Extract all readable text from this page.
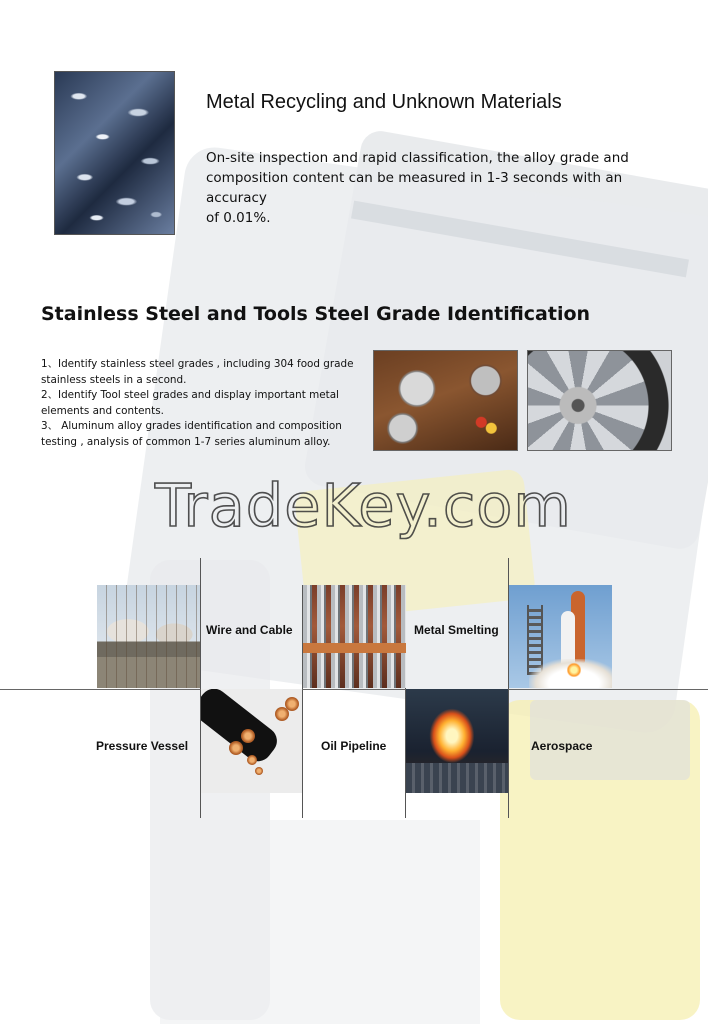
Metal Recycling and Unknown Materials
On-site inspection and rapid classification, the alloy grade and
composition content can be measured in 1-3 seconds with an accuracy
of 0.01%.
Stainless Steel and Tools Steel Grade Identification
1、Identify stainless steel grades , including 304 food grade
stainless steels in a second.
2、Identify Tool steel grades and display important metal
elements and contents.
3、 Aluminum alloy grades identification and composition
testing , analysis of common 1-7 series aluminum alloy.
TradeKey.com
Wire and Cable	Metal Smelting
Pressure Vessel	Oil Pipeline	Aerospace
